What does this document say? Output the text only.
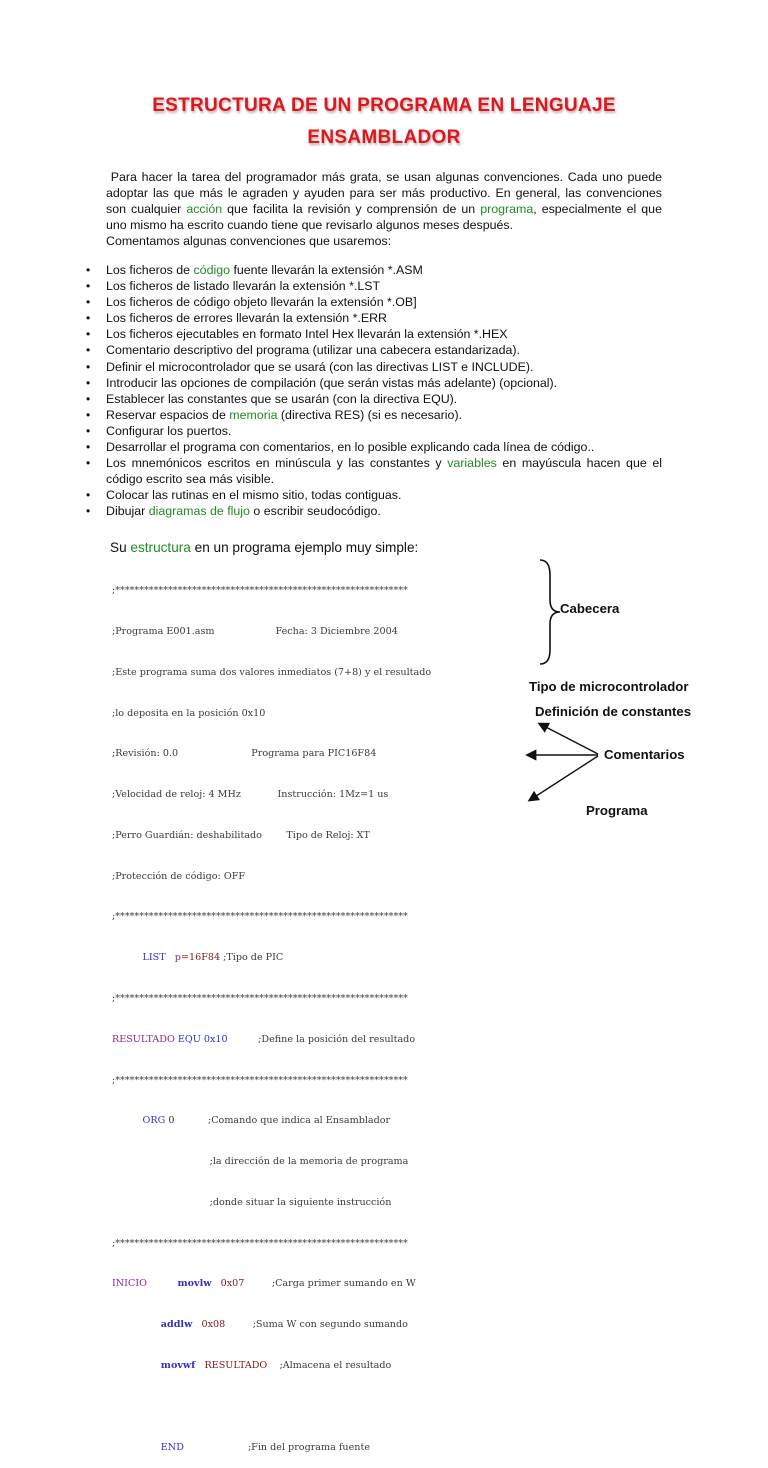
ESTRUCTURA DE UN PROGRAMA EN LENGUAJE
ENSAMBLADOR
Para hacer la tarea del programador más grata, se usan algunas convenciones. Cada uno puede adoptar las que más le agraden y ayuden para ser más productivo. En general, las convenciones son cualquier acción que facilita la revisión y comprensión de un programa, especialmente el que uno mismo ha escrito cuando tiene que revisarlo algunos meses después.
Comentamos algunas convenciones que usaremos:
• Los ficheros de código fuente llevarán la extensión *.ASM
• Los ficheros de listado llevarán la extensión *.LST
• Los ficheros de código objeto llevarán la extensión *.OB]
• Los ficheros de errores llevarán la extensión *.ERR
• Los ficheros ejecutables en formato Intel Hex llevarán la extensión *.HEX
• Comentario descriptivo del programa (utilizar una cabecera estandarizada).
• Definir el microcontrolador que se usará (con las directivas LIST e INCLUDE).
• Introducir las opciones de compilación (que serán vistas más adelante) (opcional).
• Establecer las constantes que se usarán (con la directiva EQU).
• Reservar espacios de memoria (directiva RES) (si es necesario).
• Configurar los puertos.
• Desarrollar el programa con comentarios, en lo posible explicando cada línea de código..
• Los mnemónicos escritos en minúscula y las constantes y variables en mayúscula hacen que el código escrito sea más visible.
• Colocar las rutinas en el mismo sitio, todas contiguas.
• Dibujar diagramas de flujo o escribir seudocódigo.
Su estructura en un programa ejemplo muy simple:

;*************************************************************

;Programa E001.asm                    Fecha: 3 Diciembre 2004

;Este programa suma dos valores inmediatos (7+8) y el resultado

;lo deposita en la posición 0x10

;Revisión: 0.0                        Programa para PIC16F84

;Velocidad de reloj: 4 MHz            Instrucción: 1Mz=1 us

;Perro Guardián: deshabilitado        Tipo de Reloj: XT

;Protección de código: OFF

;*************************************************************

LIST p=16F84 ;Tipo de PIC

;*************************************************************

RESULTADO EQU 0x10	;Define la posición del resultado

;*************************************************************

ORG 0	;Comando que indica al Ensamblador

;la dirección de la memoria de programa

;donde situar la siguiente instrucción

;*************************************************************

INICIO	movlw 0x07	;Carga primer sumando en W

addlw 0x08	;Suma W con segundo sumando

movwf RESULTADO ;Almacena el resultado

END	;Fin del programa fuente

Cabecera
Tipo de microcontrolador
Definición de constantes
Comentarios
Programa
